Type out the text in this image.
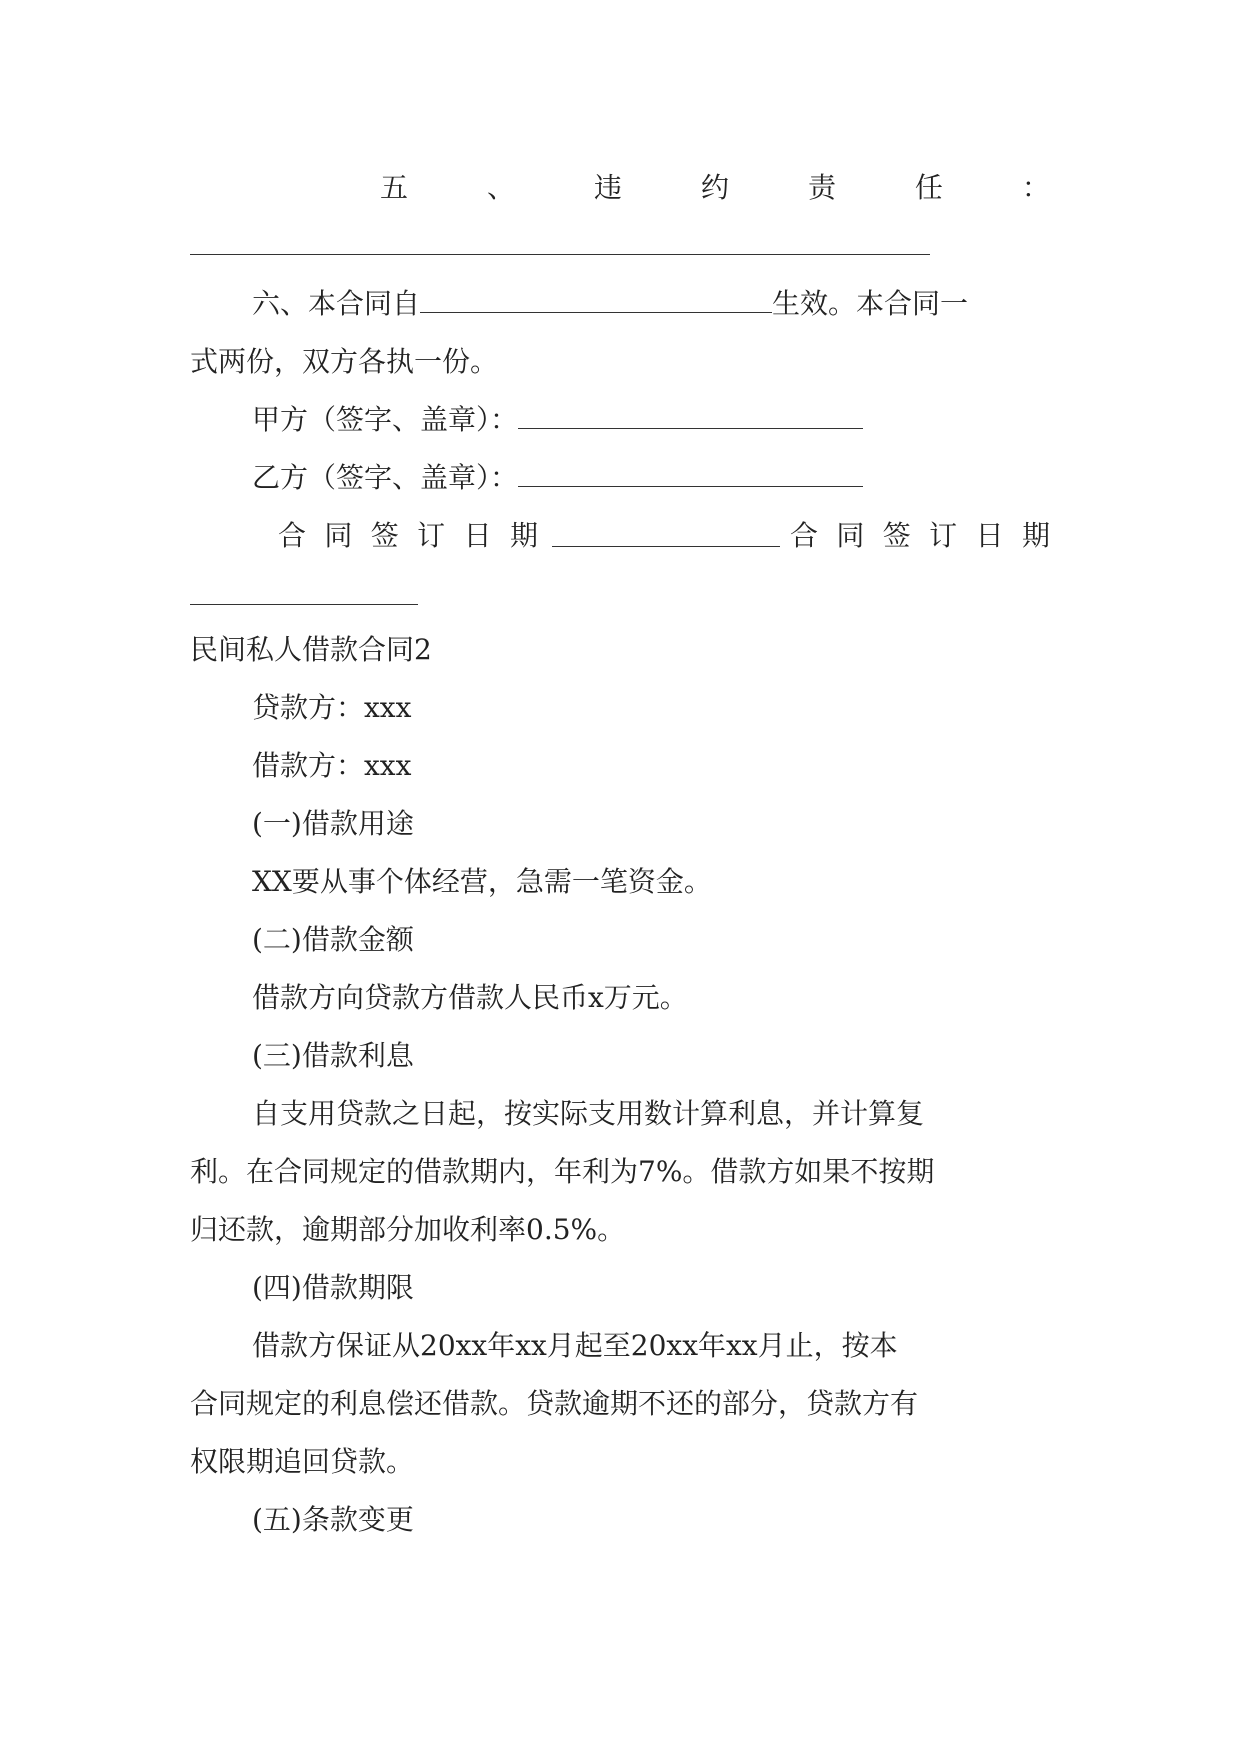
五	、	违	约	责	任	：
六、本合同自	生效。本合同一
式两份，双方各执一份。
甲方（签字、盖章）：
乙方（签字、盖章）：
合 同 签 订 日 期	合 同 签 订 日 期
民间私人借款合同2
贷款方：xxx
借款方：xxx
(一)借款用途
XX要从事个体经营，急需一笔资金。
(二)借款金额
借款方向贷款方借款人民币x万元。
(三)借款利息
自支用贷款之日起，按实际支用数计算利息，并计算复
利。在合同规定的借款期内，年利为7%。借款方如果不按期
归还款，逾期部分加收利率0.5%。
(四)借款期限
借款方保证从20xx年xx月起至20xx年xx月止，按本
合同规定的利息偿还借款。贷款逾期不还的部分，贷款方有
权限期追回贷款。
(五)条款变更
